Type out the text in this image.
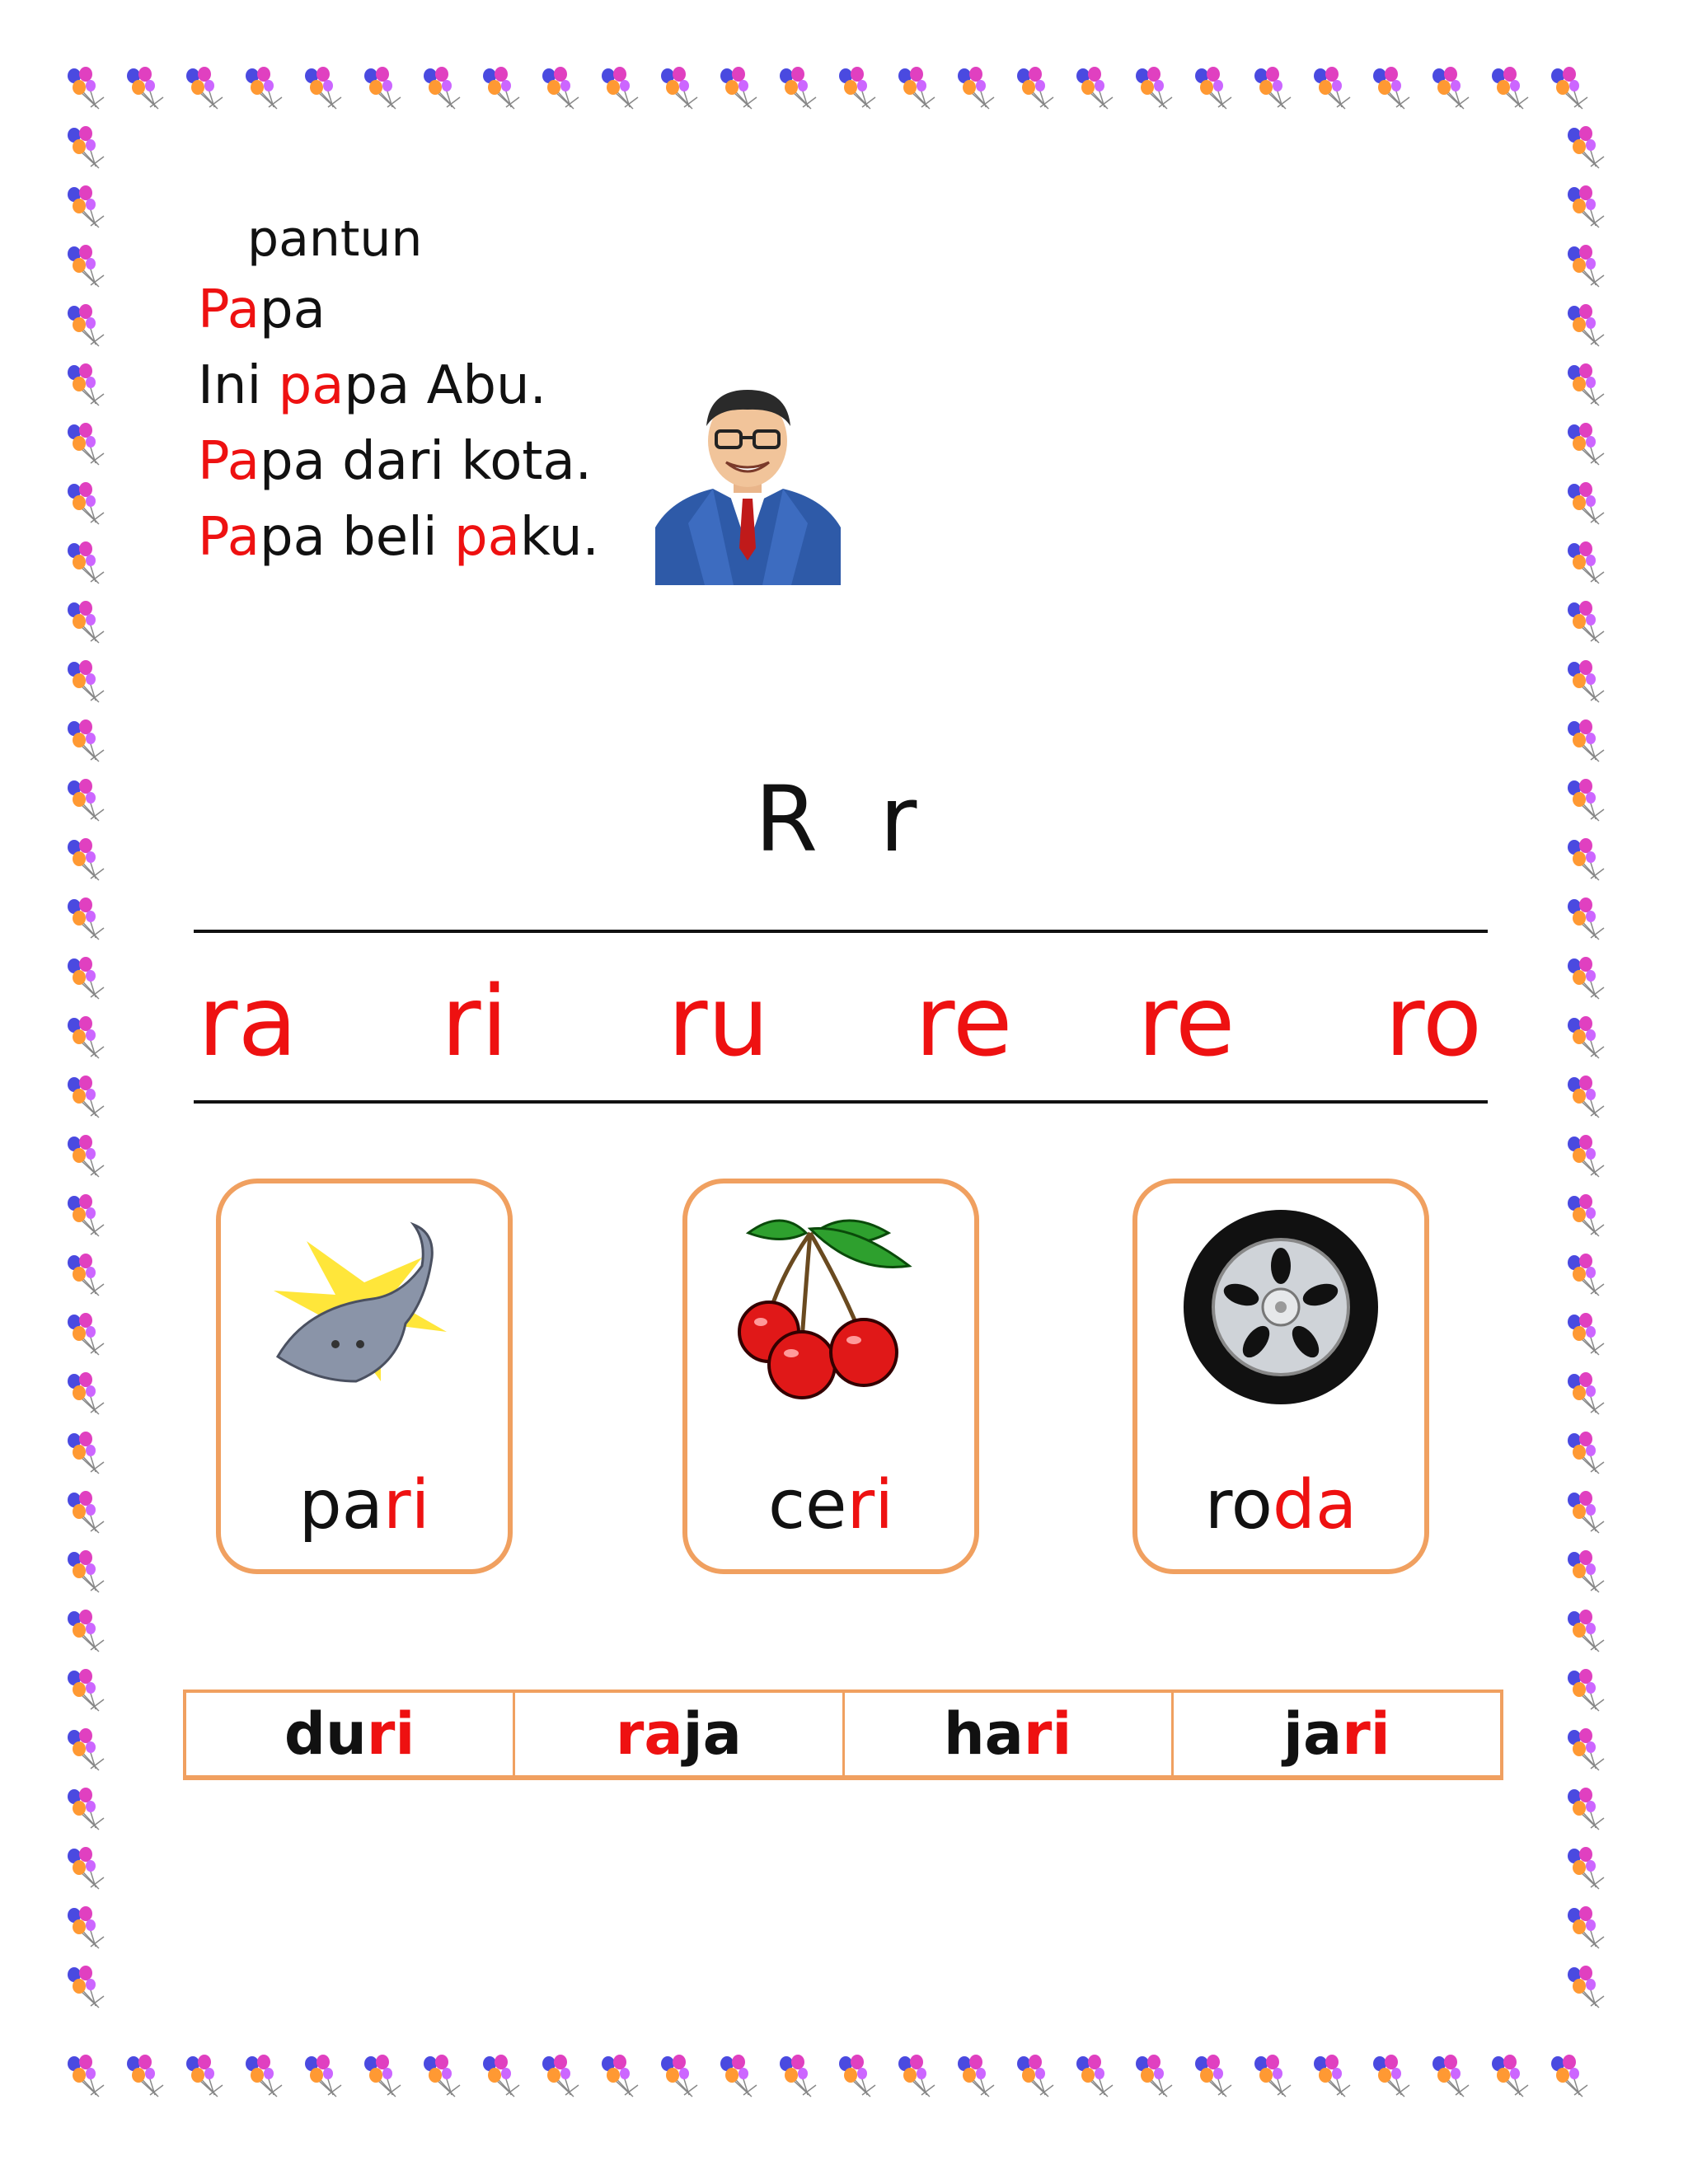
pantun
Papa
Ini papa Abu.
Papa dari kota.
Papa beli paku.
R r
ra ri ru re re ro
pari	ceri	roda
du ri	ra ja	ha ri	ja ri
